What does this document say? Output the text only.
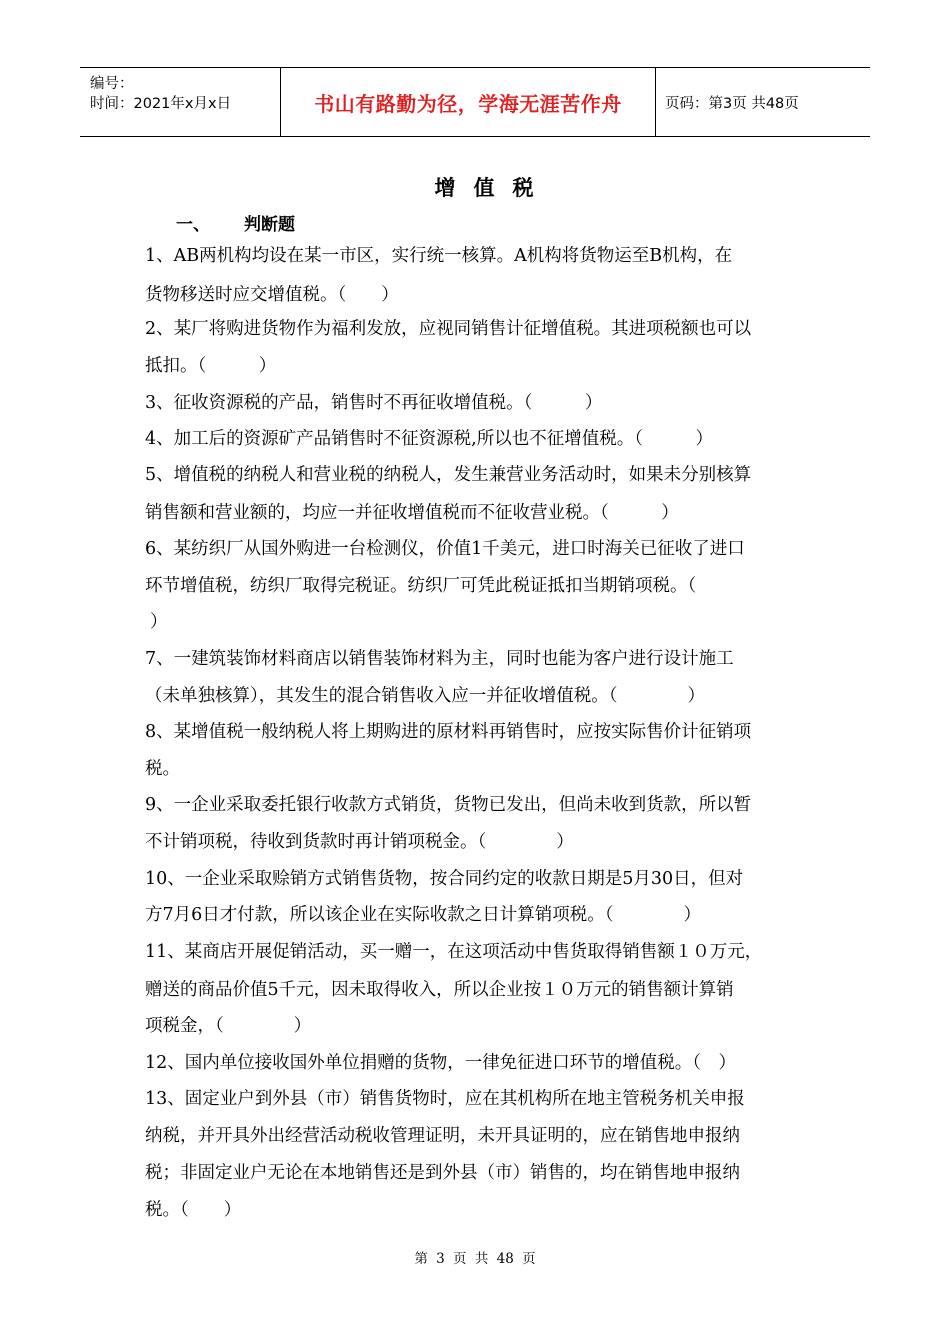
编号：
时间：2021年x月x日	书山有路勤为径，学海无涯苦作舟	页码：第3页 共48页
增值税
一、 判断题
1、AB两机构均设在某一市区，实行统一核算。A机构将货物运至B机构，在
货物移送时应交增值税。（　　）
2、某厂将购进货物作为福利发放，应视同销售计征增值税。其进项税额也可以
抵扣。（　　　）
3、征收资源税的产品，销售时不再征收增值税。（　　　）
4、加工后的资源矿产品销售时不征资源税,所以也不征增值税。（　　　）
5、增值税的纳税人和营业税的纳税人，发生兼营业务活动时，如果未分别核算
销售额和营业额的，均应一并征收增值税而不征收营业税。（　　　）
6、某纺织厂从国外购进一台检测仪，价值1千美元，进口时海关已征收了进口
环节增值税，纺织厂取得完税证。纺织厂可凭此税证抵扣当期销项税。（
）
7、一建筑装饰材料商店以销售装饰材料为主，同时也能为客户进行设计施工
（未单独核算），其发生的混合销售收入应一并征收增值税。（　　　　）
8、某增值税一般纳税人将上期购进的原材料再销售时，应按实际售价计征销项
税。
9、一企业采取委托银行收款方式销货，货物已发出，但尚未收到货款，所以暂
不计销项税，待收到货款时再计销项税金。（　　　　）
10、一企业采取赊销方式销售货物，按合同约定的收款日期是5月30日，但对
方7月6日才付款，所以该企业在实际收款之日计算销项税。（　　　　）
11、某商店开展促销活动，买一赠一，在这项活动中售货取得销售额１０万元，
赠送的商品价值5千元，因未取得收入，所以企业按１０万元的销售额计算销
项税金，（　　　　）
12、国内单位接收国外单位捐赠的货物，一律免征进口环节的增值税。（　）
13、固定业户到外县（市）销售货物时，应在其机构所在地主管税务机关申报
纳税，并开具外出经营活动税收管理证明，未开具证明的，应在销售地申报纳
税；非固定业户无论在本地销售还是到外县（市）销售的，均在销售地申报纳
税。（　　）
第 3 页 共 48 页
